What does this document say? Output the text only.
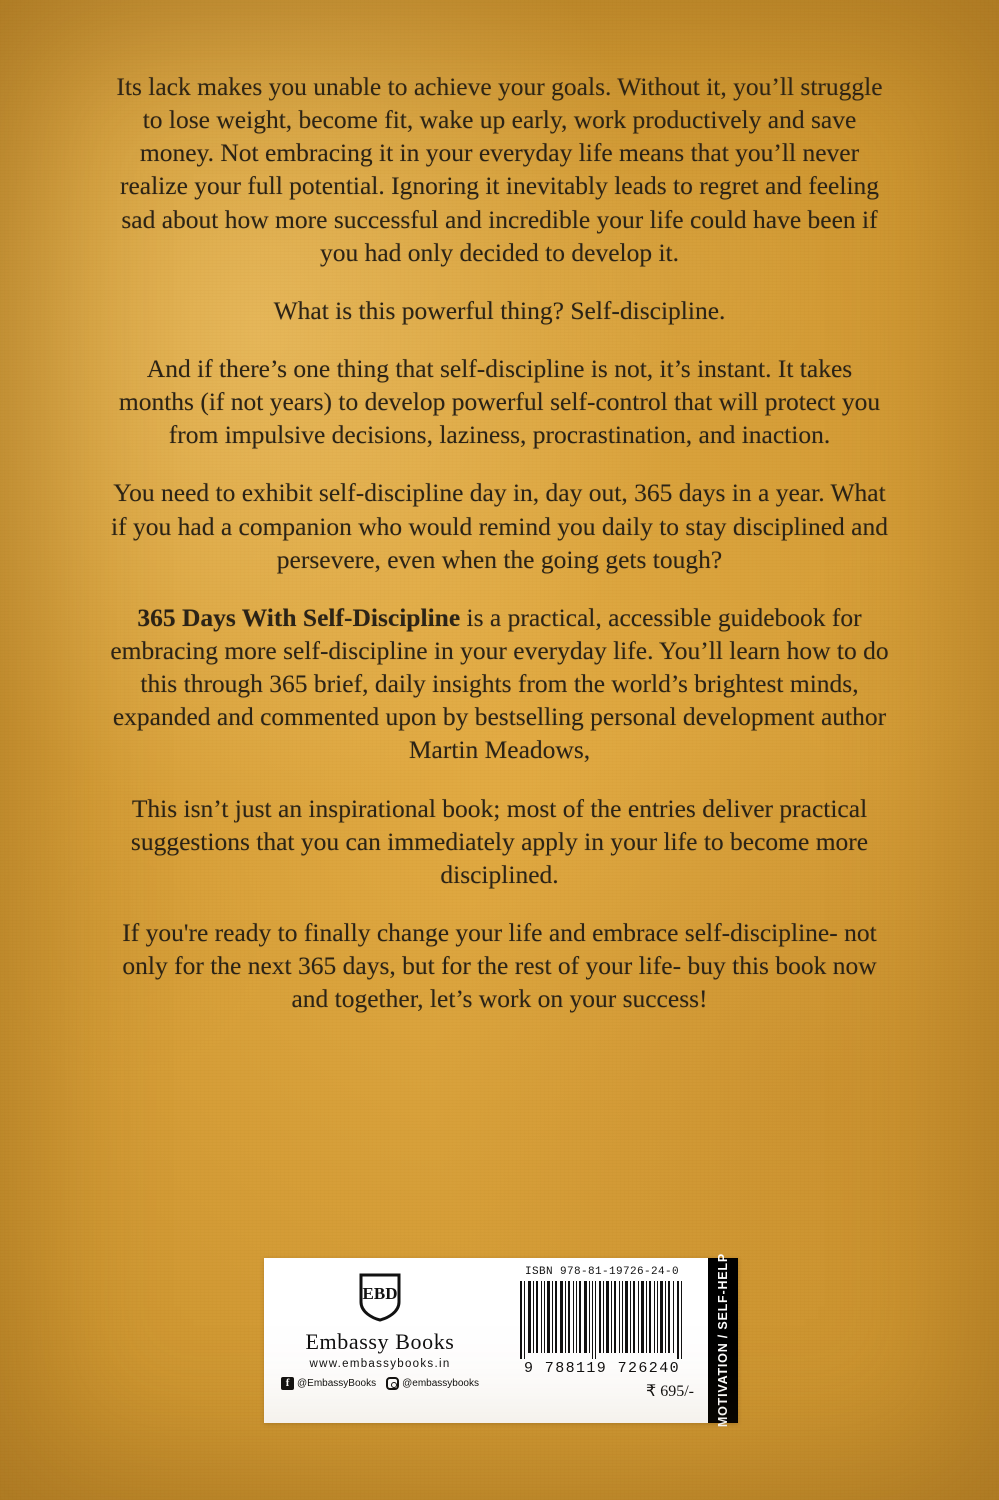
Its lack makes you unable to achieve your goals. Without it, you’ll struggle to lose weight, become fit, wake up early, work productively and save money. Not embracing it in your everyday life means that you’ll never realize your full potential. Ignoring it inevitably leads to regret and feeling sad about how more successful and incredible your life could have been if you had only decided to develop it.

What is this powerful thing? Self-discipline.

And if there’s one thing that self-discipline is not, it’s instant. It takes months (if not years) to develop powerful self-control that will protect you from impulsive decisions, laziness, procrastination, and inaction.

You need to exhibit self-discipline day in, day out, 365 days in a year. What if you had a companion who would remind you daily to stay disciplined and persevere, even when the going gets tough?

365 Days With Self-Discipline is a practical, accessible guidebook for embracing more self-discipline in your everyday life. You’ll learn how to do this through 365 brief, daily insights from the world’s brightest minds, expanded and commented upon by bestselling personal development author Martin Meadows,

This isn’t just an inspirational book; most of the entries deliver practical suggestions that you can immediately apply in your life to become more disciplined.

If you're ready to finally change your life and embrace self-discipline- not only for the next 365 days, but for the rest of your life- buy this book now and together, let’s work on your success!

EBD
Embassy Books
www.embassybooks.in
f @EmbassyBooks	@embassybooks
ISBN 978-81-19726-24-0
9 788119 726240
₹ 695/- MOTIVATION / SELF-HELP
